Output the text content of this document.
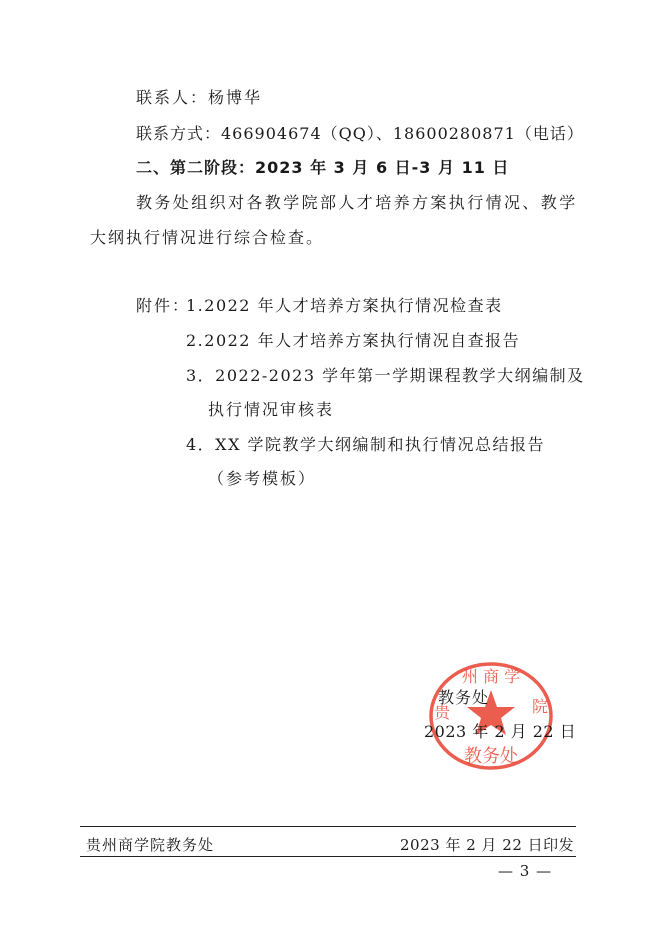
联系人：杨博华
联系方式：466904674（QQ）、18600280871（电话）
二、第二阶段：2023 年 3 月 6 日-3 月 11 日
教务处组织对各教学院部人才培养方案执行情况、教学
大纲执行情况进行综合检查。
附件：
1.2022 年人才培养方案执行情况检查表
2.2022 年人才培养方案执行情况自查报告
3．2022-2023 学年第一学期课程教学大纲编制及
执行情况审核表
4．XX 学院教学大纲编制和执行情况总结报告
（参考模板）
州 商 学
贵	院
教务处
教务处
2023 年 2 月 22 日
贵州商学院教务处	2023 年 2 月 22 日印发
— 3 —
